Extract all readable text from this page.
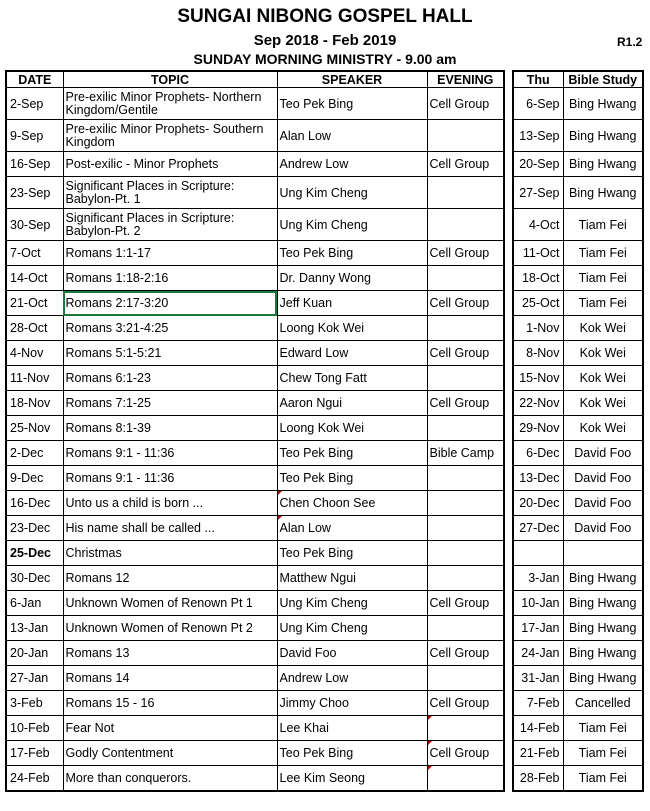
SUNGAI NIBONG GOSPEL HALL
Sep 2018 - Feb 2019
SUNDAY MORNING MINISTRY - 9.00 am
R1.2
DATE	TOPIC	SPEAKER	EVENING
2-Sep	Pre-exilic Minor Prophets- Northern Kingdom/Gentile	Teo Pek Bing	Cell Group
9-Sep	Pre-exilic Minor Prophets- Southern Kingdom	Alan Low	
16-Sep	Post-exilic - Minor Prophets	Andrew Low	Cell Group
23-Sep	Significant Places in Scripture: Babylon-Pt. 1	Ung Kim Cheng	
30-Sep	Significant Places in Scripture: Babylon-Pt. 2	Ung Kim Cheng	
7-Oct	Romans 1:1-17	Teo Pek Bing	Cell Group
14-Oct	Romans 1:18-2:16	Dr. Danny Wong	
21-Oct	Romans 2:17-3:20	Jeff Kuan	Cell Group
28-Oct	Romans 3:21-4:25	Loong Kok Wei	
4-Nov	Romans 5:1-5:21	Edward Low	Cell Group
11-Nov	Romans 6:1-23	Chew Tong Fatt	
18-Nov	Romans 7:1-25	Aaron Ngui	Cell Group
25-Nov	Romans 8:1-39	Loong Kok Wei	
2-Dec	Romans 9:1 - 11:36	Teo Pek Bing	Bible Camp
9-Dec	Romans 9:1 - 11:36	Teo Pek Bing	
16-Dec	Unto us a child is born ...	Chen Choon See	
23-Dec	His name shall be called ...	Alan Low	
25-Dec	Christmas	Teo Pek Bing	
30-Dec	Romans 12	Matthew Ngui	
6-Jan	Unknown Women of Renown Pt 1	Ung Kim Cheng	Cell Group
13-Jan	Unknown Women of Renown Pt 2	Ung Kim Cheng	
20-Jan	Romans 13	David Foo	Cell Group
27-Jan	Romans 14	Andrew Low	
3-Feb	Romans 15 - 16	Jimmy Choo	Cell Group
10-Feb	Fear Not	Lee Khai	
17-Feb	Godly Contentment	Teo Pek Bing	Cell Group
24-Feb	More than conquerors.	Lee Kim Seong	
Thu	Bible Study
6-Sep	Bing Hwang
13-Sep	Bing Hwang
20-Sep	Bing Hwang
27-Sep	Bing Hwang
4-Oct	Tiam Fei
11-Oct	Tiam Fei
18-Oct	Tiam Fei
25-Oct	Tiam Fei
1-Nov	Kok Wei
8-Nov	Kok Wei
15-Nov	Kok Wei
22-Nov	Kok Wei
29-Nov	Kok Wei
6-Dec	David Foo
13-Dec	David Foo
20-Dec	David Foo
27-Dec	David Foo

3-Jan	Bing Hwang
10-Jan	Bing Hwang
17-Jan	Bing Hwang
24-Jan	Bing Hwang
31-Jan	Bing Hwang
7-Feb	Cancelled
14-Feb	Tiam Fei
21-Feb	Tiam Fei
28-Feb	Tiam Fei
